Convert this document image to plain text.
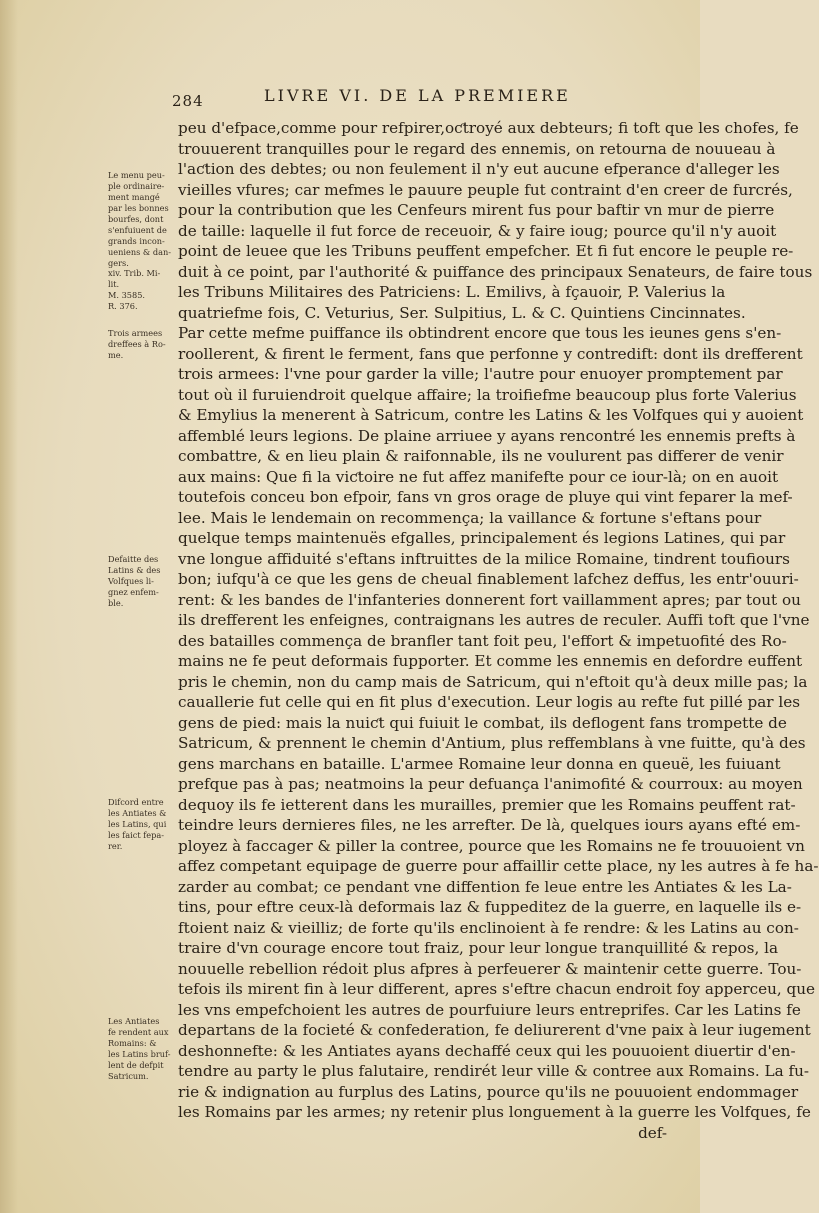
284	LIVRE VI. DE LA PREMIERE
peu d'efpace,comme pour refpirer,oƈtroyé aux debteurs; fi toft que les chofes, fe
trouuerent tranquilles pour le regard des ennemis, on retourna de nouueau à
l'aƈtion des debtes; ou non feulement il n'y eut aucune efperance d'alleger les
vieilles vfures; car mefmes le pauure peuple fut contraint d'en creer de furcrés,
pour la contribution que les Cenfeurs mirent fus pour baftir vn mur de pierre
de taille: laquelle il fut force de receuoir, & y faire ioug; pource qu'il n'y auoit
point de leuee que les Tribuns peuffent empefcher. Et fi fut encore le peuple re-
duit à ce point, par l'authorité & puiffance des principaux Senateurs, de faire tous
les Tribuns Militaires des Patriciens: L. Emilivs, à fçauoir, P. Valerius la
quatriefme fois, C. Veturius, Ser. Sulpitius, L. & C. Quintiens Cincinnates.
Par cette mefme puiffance ils obtindrent encore que tous les ieunes gens s'en-
roollerent, & firent le ferment, fans que perfonne y contredift: dont ils drefferent
trois armees: l'vne pour garder la ville; l'autre pour enuoyer promptement par
tout où il furuiendroit quelque affaire; la troifiefme beaucoup plus forte Valerius
& Emylius la menerent à Satricum, contre les Latins & les Volfques qui y auoient
affemblé leurs legions. De plaine arriuee y ayans rencontré les ennemis prefts à
combattre, & en lieu plain & raifonnable, ils ne voulurent pas differer de venir
aux mains: Que fi la viƈtoire ne fut affez manifefte pour ce iour-là; on en auoit
toutefois conceu bon efpoir, fans vn gros orage de pluye qui vint feparer la mef-
lee. Mais le lendemain on recommença; la vaillance & fortune s'eftans pour
quelque temps maintenuës efgalles, principalement és legions Latines, qui par
vne longue affiduité s'eftans inftruittes de la milice Romaine, tindrent toufiours
bon; iufqu'à ce que les gens de cheual finablement lafchez deffus, les entr'ouuri-
rent: & les bandes de l'infanteries donnerent fort vaillamment apres; par tout ou
ils drefferent les enfeignes, contraignans les autres de reculer. Auffi toft que l'vne
des batailles commença de branfler tant foit peu, l'effort & impetuofité des Ro-
mains ne fe peut deformais fupporter. Et comme les ennemis en defordre euffent
pris le chemin, non du camp mais de Satricum, qui n'eftoit qu'à deux mille pas; la
cauallerie fut celle qui en fit plus d'execution. Leur logis au refte fut pillé par les
gens de pied: mais la nuiƈt qui fuiuit le combat, ils deflogent fans trompette de
Satricum, & prennent le chemin d'Antium, plus reffemblans à vne fuitte, qu'à des
gens marchans en bataille. L'armee Romaine leur donna en queuë, les fuiuant
prefque pas à pas; neatmoins la peur defuança l'animofité & courroux: au moyen
dequoy ils fe ietterent dans les murailles, premier que les Romains peuffent rat-
teindre leurs dernieres files, ne les arrefter. De là, quelques iours ayans efté em-
ployez à faccager & piller la contree, pource que les Romains ne fe trouuoient vn
affez competant equipage de guerre pour affaillir cette place, ny les autres à fe ha-
zarder au combat; ce pendant vne diffention fe leue entre les Antiates & les La-
tins, pour eftre ceux-là deformais laz & fuppeditez de la guerre, en laquelle ils e-
ftoient naiz & vieilliz; de forte qu'ils enclinoient à fe rendre: & les Latins au con-
traire d'vn courage encore tout fraiz, pour leur longue tranquillité & repos, la
nouuelle rebellion rédoit plus afpres à perfeuerer & maintenir cette guerre. Tou-
tefois ils mirent fin à leur different, apres s'eftre chacun endroit foy apperceu, que
les vns empefchoient les autres de pourfuiure leurs entreprifes. Car les Latins fe
departans de la focieté & confederation, fe deliurerent d'vne paix à leur iugement
deshonnefte: & les Antiates ayans dechaffé ceux qui les pouuoient diuertir d'en-
tendre au party le plus falutaire, rendirét leur ville & contree aux Romains. La fu-
rie & indignation au furplus des Latins, pource qu'ils ne pouuoient endommager
les Romains par les armes; ny retenir plus longuement à la guerre les Volfques, fe
def-
Le menu peu-
ple ordinaire-
ment mangé
par les bonnes
bourfes, dont
s'enfuiuent de
grands incon-
ueniens & dan-
gers.
xiv. Trib. Mi-
lit.
M. 3585.
R. 376.
Trois armees
dreffees à Ro-
me.
Defaitte des
Latins & des
Volfques li-
gnez enfem-
ble.
Difcord entre
les Antiates &
les Latins, qui
les faict fepa-
rer.
Les Antiates
fe rendent aux
Romains: &
les Latins bruf-
lent de defpit
Satricum.
